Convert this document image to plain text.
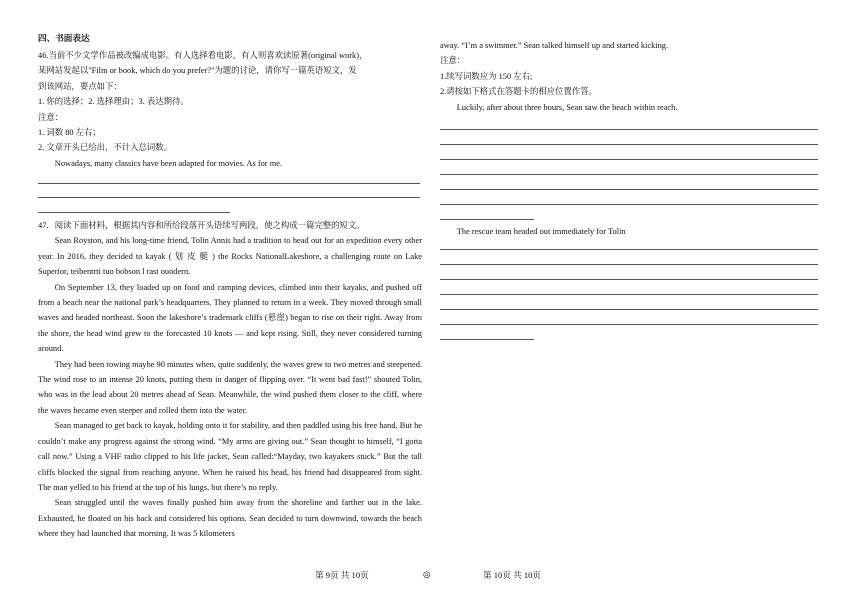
四、书面表达

46.当前不少文学作品被改编成电影。有人选择看电影，有人则喜欢读原著(original work)，

某网站发起以"Film or book, which do you prefer?"为题的讨论，请你写一篇英语短文，发

到该网站，要点如下：

1. 你的选择；2. 选择理由；3. 表达期待。

注意：

1. 词数 80 左右；

2. 文章开头已给出，不计入总词数。

Nowadays, many classics have been adapted for movies. As for me.

47．阅读下面材料，根据其内容和所给段落开头语续写两段，使之构成一篇完整的短文。

Sean Royston, and his long-time friend, Tolin Annis had a tradition to head out for an expedition every other year. In 2016, they decided to kayak ( 划 皮 艇 ) the Rocks NationalLakeshore, a challenging route on Lake Superior, teibentrti tuo bobson l rast ouodern.

On September 13, they loaded up on food and camping devices, climbed into their kayaks, and pushed off from a beach near the national park’s headquarters. They planned to return in a week. They moved through small waves and headed northeast. Soon the lakeshore’s trademark cliffs (悬崖) began to rise on their right. Away from the shore, the head wind grew to the forecasted 10 knots — and kept rising. Still, they never considered turning around.

They had been rowing maybe 90 minutes when, quite suddenly, the waves grew to two metres and steepened. The wind rose to an intense 20 knots, putting them in danger of flipping over. “It went bad fast!” shouted Tolin, who was in the lead about 20 metres ahead of Sean. Meanwhile, the wind pushed them closer to the cliff, where the waves became even steeper and rolled them into the water.

Sean managed to get back to kayak, holding onto it for stability, and then paddled using his free hand. But he couldn’t make any progress against the strong wind. “My arms are giving out.” Sean thought to himself, “I gotta call now.” Using a VHF radio clipped to his life jacket, Sean called:“Mayday, two kayakers stuck.” But the tall cliffs blocked the signal from reaching anyone. When he raised his head, his friend had disappeared from sight. The man yelled to his friend at the top of his lungs, but there’s no reply.

Sean struggled until the waves finally pushed him away from the shoreline and farther out in the lake. Exhausted, he floated on his back and considered his options. Sean decided to turn downwind, towards the beach where they had launched that morning. It was 5 kilometers

away. “I’m a swimmer.” Sean talked himself up and started kicking.

注意：

1.续写词数应为 150 左右;

2.请按如下格式在答题卡的相应位置作答。

Luckily, after about three hours, Sean saw the beach within reach.

The rescue team headed out immediately for Tolin

第 9页 共 10页	◎	第 10页 共 10页
